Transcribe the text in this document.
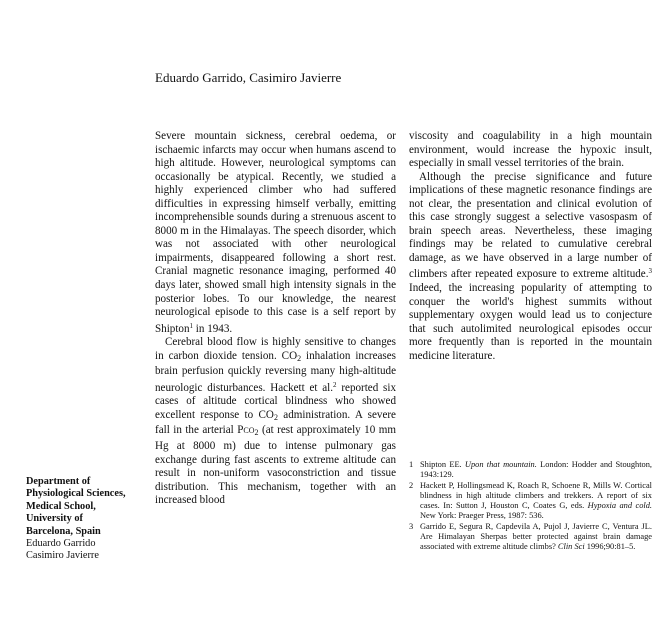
Eduardo Garrido, Casimiro Javierre

Severe mountain sickness, cerebral oedema, or ischaemic infarcts may occur when humans ascend to high altitude. However, neurological symptoms can occasionally be atypical. Recently, we studied a highly experienced climber who had suffered difficulties in expressing himself verbally, emitting incomprehensible sounds during a strenuous ascent to 8000 m in the Himalayas. The speech disorder, which was not associated with other neurological impairments, disappeared following a short rest. Cranial magnetic resonance imaging, performed 40 days later, showed small high intensity signals in the posterior lobes. To our knowledge, the nearest neurological episode to this case is a self report by Shipton$^1$ in 1943.

Cerebral blood flow is highly sensitive to changes in carbon dioxide tension. $CO_2$ inhalation increases brain perfusion quickly reversing many high-altitude neurologic disturbances. Hackett et al.$^2$ reported six cases of altitude cortical blindness who showed excellent response to $CO_2$ administration. A severe fall in the arterial Pco$_2$ (at rest approximately 10 mm Hg at 8000 m) due to intense pulmonary gas exchange during fast ascents to extreme altitude can result in non-uniform vasoconstriction and tissue distribution. This mechanism, together with an increased blood

viscosity and coagulability in a high mountain environment, would increase the hypoxic insult, especially in small vessel territories of the brain.

Although the precise significance and future implications of these magnetic resonance findings are not clear, the presentation and clinical evolution of this case strongly suggest a selective vasospasm of brain speech areas. Nevertheless, these imaging findings may be related to cumulative cerebral damage, as we have observed in a large number of climbers after repeated exposure to extreme altitude.$^3$ Indeed, the increasing popularity of attempting to conquer the world's highest summits without supplementary oxygen would lead us to conjecture that such autolimited neurological episodes occur more frequently than is reported in the mountain medicine literature.

1 Shipton EE. Upon that mountain. London: Hodder and Stoughton, 1943:129.
2 Hackett P, Hollingsmead K, Roach R, Schoene R, Mills W. Cortical blindness in high altitude climbers and trekkers. A report of six cases. In: Sutton J, Houston C, Coates G, eds. Hypoxia and cold. New York: Praeger Press, 1987: 536.
3 Garrido E, Segura R, Capdevila A, Pujol J, Javierre C, Ventura JL. Are Himalayan Sherpas better protected against brain damage associated with extreme altitude climbs? Clin Sci 1996;90:81–5.
Department of
Physiological Sciences,
Medical School,
University of
Barcelona, Spain
Eduardo Garrido
Casimiro Javierre
